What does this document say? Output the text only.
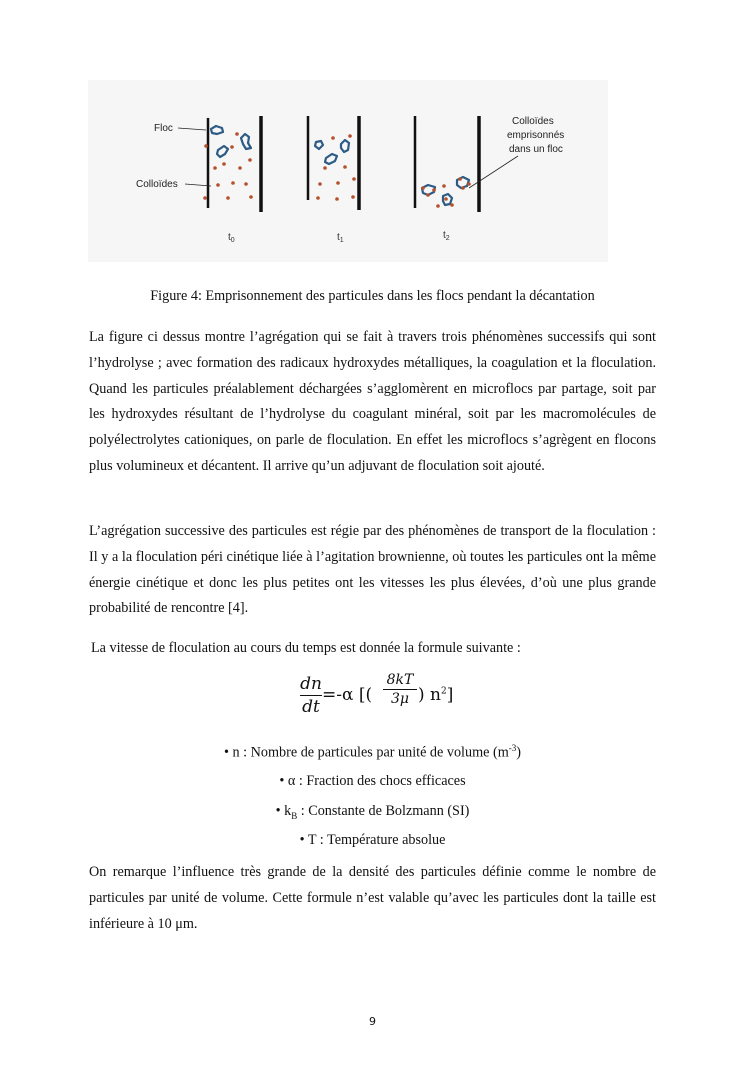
Floc
Colloïdes
Colloïdes
emprisonnés
dans un floc
$t_0$	$t_1$	$t_2$
Figure 4: Emprisonnement des particules dans les flocs pendant la décantation

La figure ci dessus montre l’agrégation qui se fait à travers trois phénomènes successifs qui sont l’hydrolyse ; avec formation des radicaux hydroxydes métalliques, la coagulation et la floculation. Quand les particules préalablement déchargées s’agglomèrent en microflocs par partage, soit par les hydroxydes résultant de l’hydrolyse du coagulant minéral, soit par les macromolécules de polyélectrolytes cationiques, on parle de floculation. En effet les microflocs s’agrègent en flocons plus volumineux et décantent. Il arrive qu’un adjuvant de floculation soit ajouté.

L’agrégation successive des particules est régie par des phénomènes de transport de la floculation : Il y a la floculation péri cinétique liée à l’agitation brownienne, où toutes les particules ont la même énergie cinétique et donc les plus petites ont les vitesses les plus élevées, d’où une plus grande probabilité de rencontre [4].

La vitesse de floculation au cours du temps est donnée la formule suivante :

dn
dt
=-α [(
8kT
3μ ) $n^2$]
• n : Nombre de particules par unité de volume $(m^{-3})$
• α : Fraction des chocs efficaces
• $k_B$ : Constante de Bolzmann (SI)
• T : Température absolue

On remarque l’influence très grande de la densité des particules définie comme le nombre de particules par unité de volume. Cette formule n’est valable qu’avec les particules dont la taille est inférieure à 10 μm.

9
